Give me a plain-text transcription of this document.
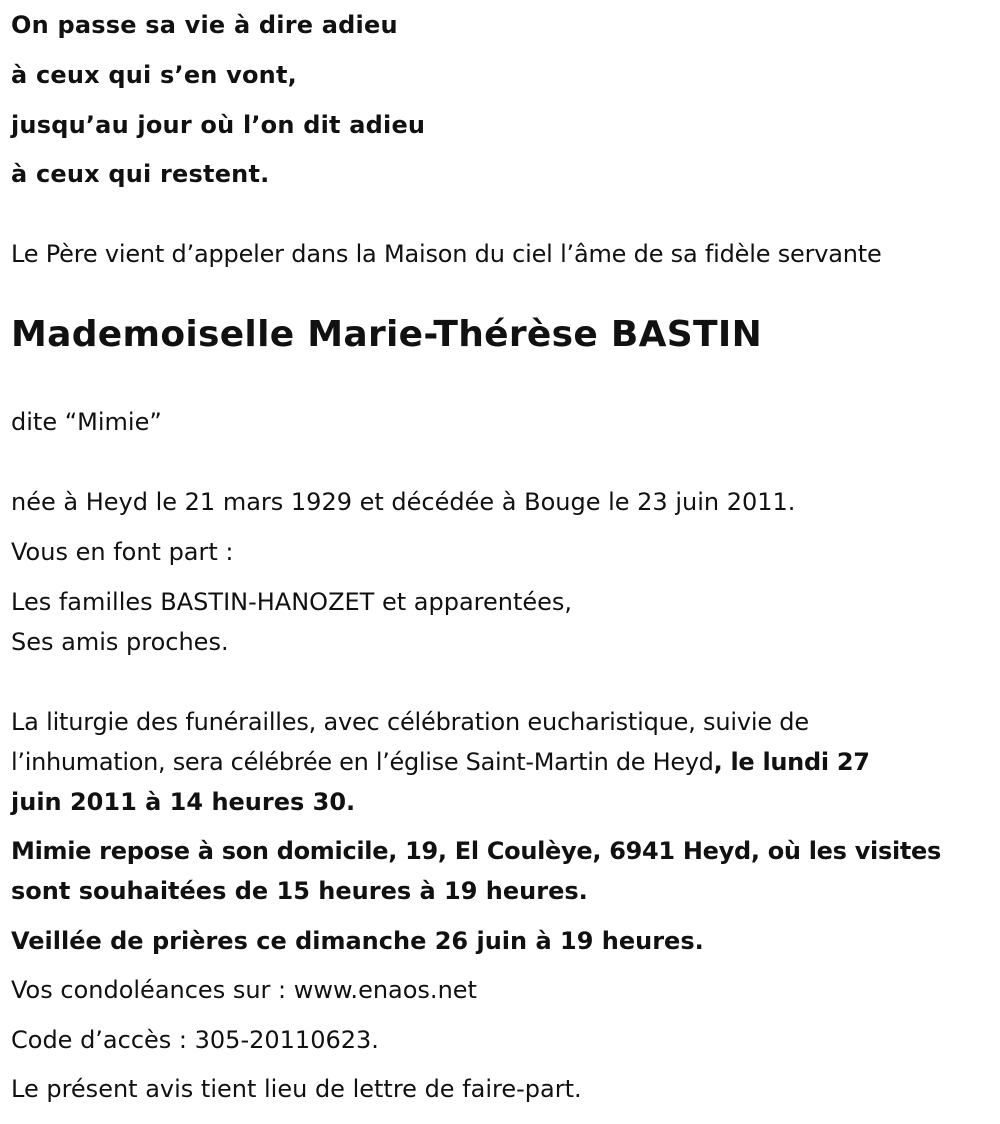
On passe sa vie à dire adieu
à ceux qui s’en vont,
jusqu’au jour où l’on dit adieu
à ceux qui restent.
Le Père vient d’appeler dans la Maison du ciel l’âme de sa fidèle servante
Mademoiselle Marie-Thérèse BASTIN
dite “Mimie”
née à Heyd le 21 mars 1929 et décédée à Bouge le 23 juin 2011.
Vous en font part :
Les familles BASTIN-HANOZET et apparentées,
Ses amis proches.
La liturgie des funérailles, avec célébration eucharistique, suivie de
l’inhumation, sera célébrée en l’église Saint-Martin de Heyd, le lundi 27
juin 2011 à 14 heures 30.
Mimie repose à son domicile, 19, El Coulèye, 6941 Heyd, où les visites
sont souhaitées de 15 heures à 19 heures.
Veillée de prières ce dimanche 26 juin à 19 heures.
Vos condoléances sur : www.enaos.net
Code d’accès : 305-20110623.
Le présent avis tient lieu de lettre de faire-part.
